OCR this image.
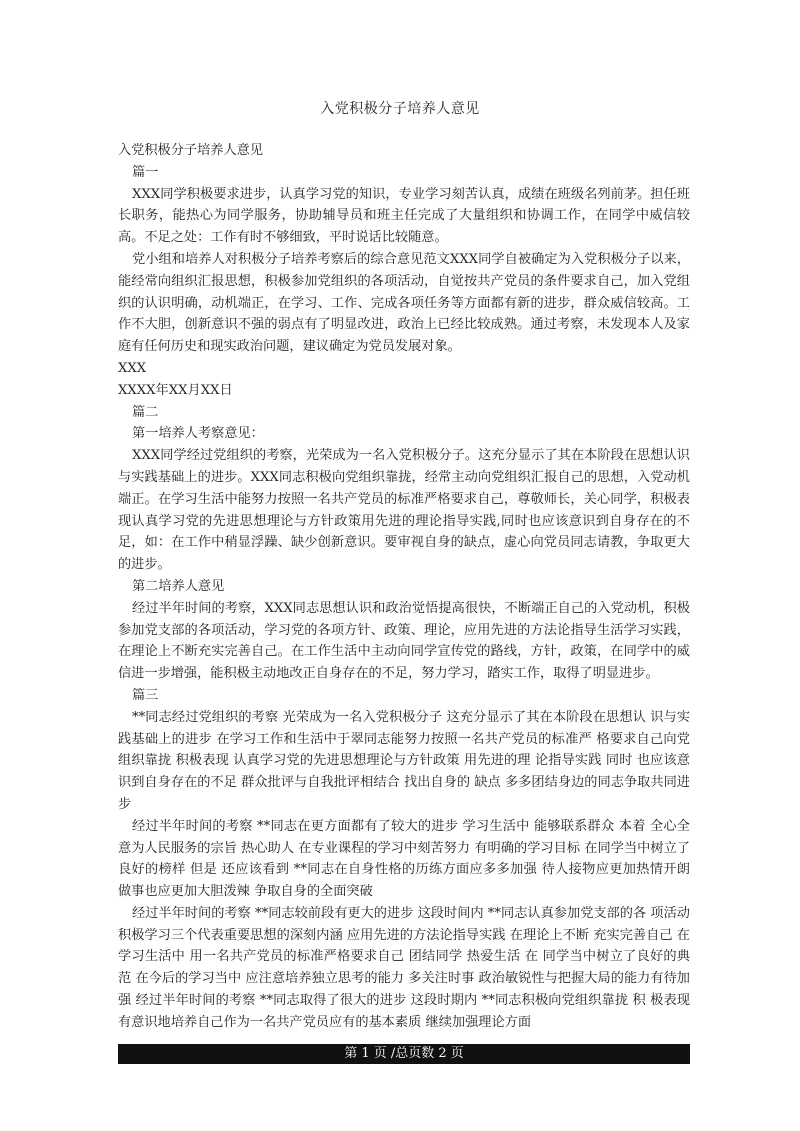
入党积极分子培养人意见

入党积极分子培养人意见

篇一

XXX同学积极要求进步，认真学习党的知识，专业学习刻苦认真，成绩在班级名列前茅。担任班长职务，能热心为同学服务，协助辅导员和班主任完成了大量组织和协调工作，在同学中威信较高。不足之处：工作有时不够细致，平时说话比较随意。

党小组和培养人对积极分子培养考察后的综合意见范文XXX同学自被确定为入党积极分子以来，能经常向组织汇报思想，积极参加党组织的各项活动，自觉按共产党员的条件要求自己，加入党组织的认识明确，动机端正，在学习、工作、完成各项任务等方面都有新的进步，群众威信较高。工作不大胆，创新意识不强的弱点有了明显改进，政治上已经比较成熟。通过考察，未发现本人及家庭有任何历史和现实政治问题，建议确定为党员发展对象。

XXX

XXXX年XX月XX日

篇二

第一培养人考察意见：

XXX同学经过党组织的考察，光荣成为一名入党积极分子。这充分显示了其在本阶段在思想认识与实践基础上的进步。XXX同志积极向党组织靠拢，经常主动向党组织汇报自己的思想，入党动机端正。在学习生活中能努力按照一名共产党员的标准严格要求自己，尊敬师长，关心同学，积极表现认真学习党的先进思想理论与方针政策用先进的理论指导实践,同时也应该意识到自身存在的不足，如：在工作中稍显浮躁、缺少创新意识。要审视自身的缺点，虚心向党员同志请教，争取更大的进步。

第二培养人意见

经过半年时间的考察，XXX同志思想认识和政治觉悟提高很快，不断端正自己的入党动机，积极参加党支部的各项活动，学习党的各项方针、政策、理论，应用先进的方法论指导生活学习实践，在理论上不断充实完善自己。在工作生活中主动向同学宣传党的路线，方针，政策，在同学中的威信进一步增强，能积极主动地改正自身存在的不足，努力学习，踏实工作，取得了明显进步。

篇三

**同志经过党组织的考察 光荣成为一名入党积极分子 这充分显示了其在本阶段在思想认 识与实践基础上的进步 在学习工作和生活中于翠同志能努力按照一名共产党员的标准严 格要求自己向党组织靠拢 积极表现 认真学习党的先进思想理论与方针政策 用先进的理 论指导实践 同时 也应该意识到自身存在的不足 群众批评与自我批评相结合 找出自身的 缺点 多多团结身边的同志争取共同进步

经过半年时间的考察 **同志在更方面都有了较大的进步 学习生活中 能够联系群众 本着 全心全意为人民服务的宗旨 热心助人 在专业课程的学习中刻苦努力 有明确的学习目标 在同学当中树立了良好的榜样 但是 还应该看到 **同志在自身性格的历练方面应多多加强 待人接物应更加热情开朗 做事也应更加大胆泼辣 争取自身的全面突破

经过半年时间的考察 **同志较前段有更大的进步 这段时间内 **同志认真参加党支部的各 项活动 积极学习三个代表重要思想的深刻内涵 应用先进的方法论指导实践 在理论上不断 充实完善自己 在学习生活中 用一名共产党员的标准严格要求自己 团结同学 热爱生活 在 同学当中树立了良好的典范 在今后的学习当中 应注意培养独立思考的能力 多关注时事 政治敏锐性与把握大局的能力有待加强 经过半年时间的考察 **同志取得了很大的进步 这段时期内 **同志积极向党组织靠拢 积 极表现 有意识地培养自己作为一名共产党员应有的基本素质 继续加强理论方面

第 1 页 /总页数 2 页
